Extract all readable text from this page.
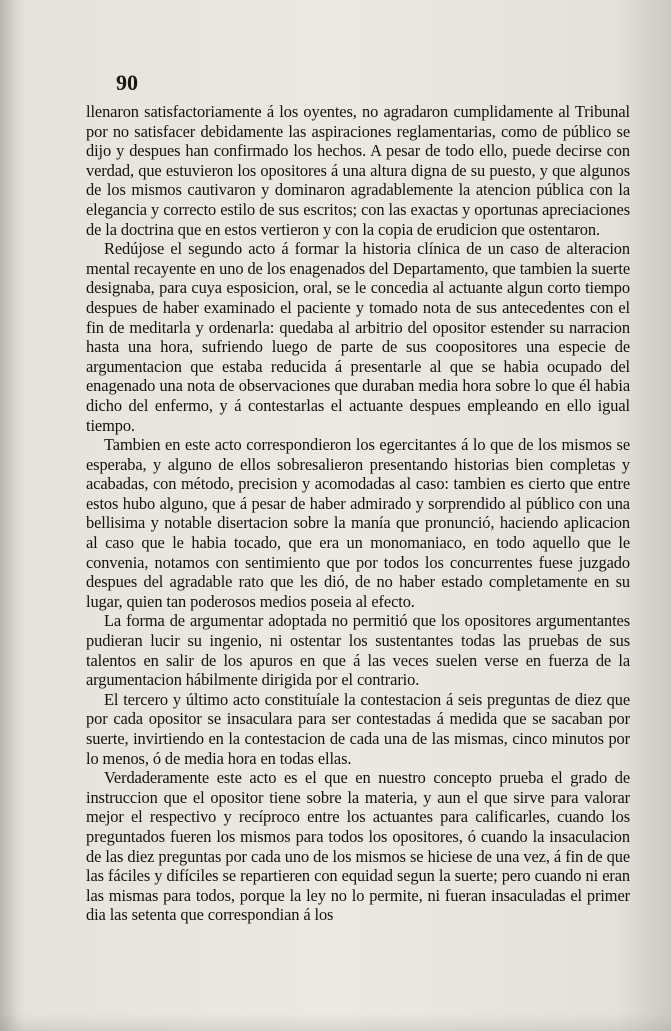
90

llenaron satisfactoriamente á los oyentes, no agradaron cumplidamente al Tribunal por no satisfacer debidamente las aspiraciones reglamentarias, como de público se dijo y despues han confirmado los hechos. A pesar de todo ello, puede decirse con verdad, que estuvieron los opositores á una altura digna de su puesto, y que algunos de los mismos cautivaron y dominaron agradablemente la atencion pública con la elegancia y correcto estilo de sus escritos; con las exactas y oportunas apreciaciones de la doctrina que en estos vertieron y con la copia de erudicion que ostentaron.

Redújose el segundo acto á formar la historia clínica de un caso de alteracion mental recayente en uno de los enagenados del Departamento, que tambien la suerte designaba, para cuya esposicion, oral, se le concedia al actuante algun corto tiempo despues de haber examinado el paciente y tomado nota de sus antecedentes con el fin de meditarla y ordenarla: quedaba al arbitrio del opositor estender su narracion hasta una hora, sufriendo luego de parte de sus coopositores una especie de argumentacion que estaba reducida á presentarle al que se habia ocupado del enagenado una nota de observaciones que duraban media hora sobre lo que él habia dicho del enfermo, y á contestarlas el actuante despues empleando en ello igual tiempo.

Tambien en este acto correspondieron los egercitantes á lo que de los mismos se esperaba, y alguno de ellos sobresalieron presentando historias bien completas y acabadas, con método, precision y acomodadas al caso: tambien es cierto que entre estos hubo alguno, que á pesar de haber admirado y sorprendido al público con una bellisima y notable disertacion sobre la manía que pronunció, haciendo aplicacion al caso que le habia tocado, que era un monomaniaco, en todo aquello que le convenia, notamos con sentimiento que por todos los concurrentes fuese juzgado despues del agradable rato que les dió, de no haber estado completamente en su lugar, quien tan poderosos medios poseia al efecto.

La forma de argumentar adoptada no permitió que los opositores argumentantes pudieran lucir su ingenio, ni ostentar los sustentantes todas las pruebas de sus talentos en salir de los apuros en que á las veces suelen verse en fuerza de la argumentacion hábilmente dirigida por el contrario.

El tercero y último acto constituíale la contestacion á seis preguntas de diez que por cada opositor se insaculara para ser contestadas á medida que se sacaban por suerte, invirtiendo en la contestacion de cada una de las mismas, cinco minutos por lo menos, ó de media hora en todas ellas.

Verdaderamente este acto es el que en nuestro concepto prueba el grado de instruccion que el opositor tiene sobre la materia, y aun el que sirve para valorar mejor el respectivo y recíproco entre los actuantes para calificarles, cuando los preguntados fueren los mismos para todos los opositores, ó cuando la insaculacion de las diez preguntas por cada uno de los mismos se hiciese de una vez, á fin de que las fáciles y difíciles se repartieren con equidad segun la suerte; pero cuando ni eran las mismas para todos, porque la ley no lo permite, ni fueran insaculadas el primer dia las setenta que correspondian á los
